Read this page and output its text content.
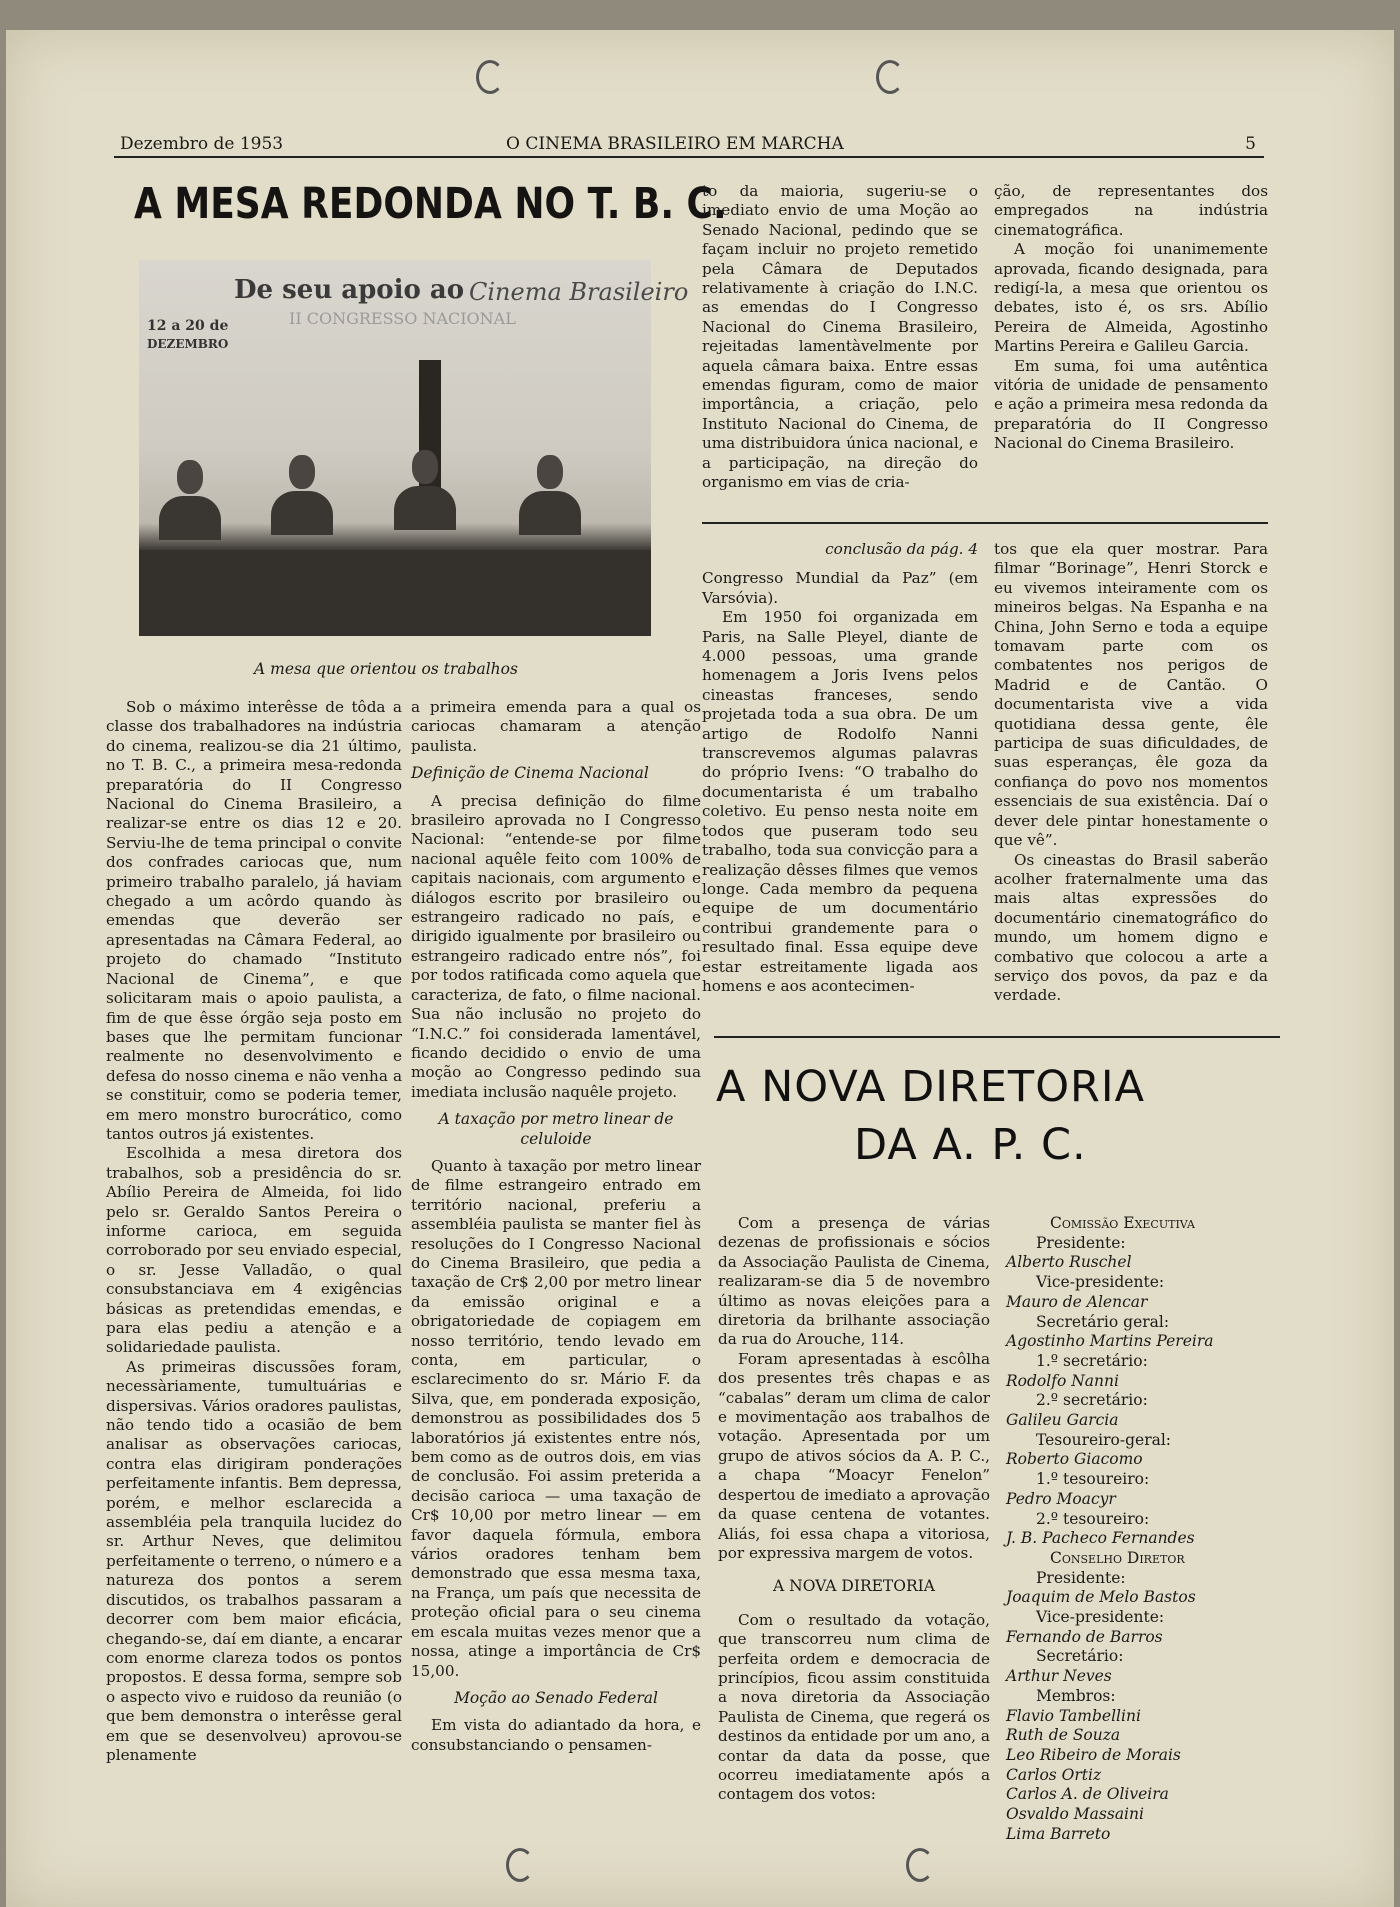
Dezembro de 1953	O CINEMA BRASILEIRO EM MARCHA	5
A MESA REDONDA NO T. B. C.
De seu apoio ao Cinema Brasileiro
II CONGRESSO NACIONAL
12 a 20 de
DEZEMBRO
A mesa que orientou os trabalhos

Sob o máximo interêsse de tôda a classe dos trabalhadores na indústria do cinema, realizou-se dia 21 último, no T. B. C., a primeira mesa-redonda preparatória do II Congresso Nacional do Cinema Brasileiro, a realizar-se entre os dias 12 e 20. Serviu-lhe de tema principal o convite dos confrades cariocas que, num primeiro trabalho paralelo, já haviam chegado a um acôrdo quando às emendas que deverão ser apresentadas na Câmara Federal, ao projeto do chamado “Instituto Nacional de Cinema”, e que solicitaram mais o apoio paulista, a fim de que êsse órgão seja posto em bases que lhe permitam funcionar realmente no desenvolvimento e defesa do nosso cinema e não venha a se constituir, como se poderia temer, em mero monstro burocrático, como tantos outros já existentes.

Escolhida a mesa diretora dos trabalhos, sob a presidência do sr. Abílio Pereira de Almeida, foi lido pelo sr. Geraldo Santos Pereira o informe carioca, em seguida corroborado por seu enviado especial, o sr. Jesse Valladão, o qual consubstanciava em 4 exigências básicas as pretendidas emendas, e para elas pediu a atenção e a solidariedade paulista.

As primeiras discussões foram, necessàriamente, tumultuárias e dispersivas. Vários oradores paulistas, não tendo tido a ocasião de bem analisar as observações cariocas, contra elas dirigiram ponderações perfeitamente infantis. Bem depressa, porém, e melhor esclarecida a assembléia pela tranquila lucidez do sr. Arthur Neves, que delimitou perfeitamente o terreno, o número e a natureza dos pontos a serem discutidos, os trabalhos passaram a decorrer com bem maior eficácia, chegando-se, daí em diante, a encarar com enorme clareza todos os pontos propostos. E dessa forma, sempre sob o aspecto vivo e ruidoso da reunião (o que bem demonstra o interêsse geral em que se desenvolveu) aprovou-se plenamente

a primeira emenda para a qual os cariocas chamaram a atenção paulista.

Definição de Cinema Nacional

A precisa definição do filme brasileiro aprovada no I Congresso Nacional: “entende-se por filme nacional aquêle feito com 100% de capitais nacionais, com argumento e diálogos escrito por brasileiro ou estrangeiro radicado no país, e dirigido igualmente por brasileiro ou estrangeiro radicado entre nós”, foi por todos ratificada como aquela que caracteriza, de fato, o filme nacional. Sua não inclusão no projeto do “I.N.C.” foi considerada lamentável, ficando decidido o envio de uma moção ao Congresso pedindo sua imediata inclusão naquêle projeto.

A taxação por metro linear de celuloide

Quanto à taxação por metro linear de filme estrangeiro entrado em território nacional, preferiu a assembléia paulista se manter fiel às resoluções do I Congresso Nacional do Cinema Brasileiro, que pedia a taxação de Cr$ 2,00 por metro linear da emissão original e a obrigatoriedade de copiagem em nosso território, tendo levado em conta, em particular, o esclarecimento do sr. Mário F. da Silva, que, em ponderada exposição, demonstrou as possibilidades dos 5 laboratórios já existentes entre nós, bem como as de outros dois, em vias de conclusão. Foi assim preterida a decisão carioca — uma taxação de Cr$ 10,00 por metro linear — em favor daquela fórmula, embora vários oradores tenham bem demonstrado que essa mesma taxa, na França, um país que necessita de proteção oficial para o seu cinema em escala muitas vezes menor que a nossa, atinge a importância de Cr$ 15,00.

Moção ao Senado Federal

Em vista do adiantado da hora, e consubstanciando o pensamen-

to da maioria, sugeriu-se o imediato envio de uma Moção ao Senado Nacional, pedindo que se façam incluir no projeto remetido pela Câmara de Deputados relativamente à criação do I.N.C. as emendas do I Congresso Nacional do Cinema Brasileiro, rejeitadas lamentàvelmente por aquela câmara baixa. Entre essas emendas figuram, como de maior importância, a criação, pelo Instituto Nacional do Cinema, de uma distribuidora única nacional, e a participação, na direção do organismo em vias de cria-

ção, de representantes dos empregados na indústria cinematográfica.

A moção foi unanimemente aprovada, ficando designada, para redigí-la, a mesa que orientou os debates, isto é, os srs. Abílio Pereira de Almeida, Agostinho Martins Pereira e Galileu Garcia.

Em suma, foi uma autêntica vitória de unidade de pensamento e ação a primeira mesa redonda da preparatória do II Congresso Nacional do Cinema Brasileiro.

conclusão da pág. 4

Congresso Mundial da Paz” (em Varsóvia).

Em 1950 foi organizada em Paris, na Salle Pleyel, diante de 4.000 pessoas, uma grande homenagem a Joris Ivens pelos cineastas franceses, sendo projetada toda a sua obra. De um artigo de Rodolfo Nanni transcrevemos algumas palavras do próprio Ivens: “O trabalho do documentarista é um trabalho coletivo. Eu penso nesta noite em todos que puseram todo seu trabalho, toda sua convicção para a realização dêsses filmes que vemos longe. Cada membro da pequena equipe de um documentário contribui grandemente para o resultado final. Essa equipe deve estar estreitamente ligada aos homens e aos acontecimen-

tos que ela quer mostrar. Para filmar “Borinage”, Henri Storck e eu vivemos inteiramente com os mineiros belgas. Na Espanha e na China, John Serno e toda a equipe tomavam parte com os combatentes nos perigos de Madrid e de Cantão. O documentarista vive a vida quotidiana dessa gente, êle participa de suas dificuldades, de suas esperanças, êle goza da confiança do povo nos momentos essenciais de sua existência. Daí o dever dele pintar honestamente o que vê”.

Os cineastas do Brasil saberão acolher fraternalmente uma das mais altas expressões do documentário cinematográfico do mundo, um homem digno e combativo que colocou a arte a serviço dos povos, da paz e da verdade.

A NOVA DIRETORIA
DA A. P. C.

Com a presença de várias dezenas de profissionais e sócios da Associação Paulista de Cinema, realizaram-se dia 5 de novembro último as novas eleições para a diretoria da brilhante associação da rua do Arouche, 114.

Foram apresentadas à escôlha dos presentes três chapas e as “cabalas” deram um clima de calor e movimentação aos trabalhos de votação. Apresentada por um grupo de ativos sócios da A. P. C., a chapa “Moacyr Fenelon” despertou de imediato a aprovação da quase centena de votantes. Aliás, foi essa chapa a vitoriosa, por expressiva margem de votos.

A NOVA DIRETORIA

Com o resultado da votação, que transcorreu num clima de perfeita ordem e democracia de princípios, ficou assim constituida a nova diretoria da Associação Paulista de Cinema, que regerá os destinos da entidade por um ano, a contar da data da posse, que ocorreu imediatamente após a contagem dos votos:

Comissão Executiva
Presidente:
Alberto Ruschel
Vice-presidente:
Mauro de Alencar
Secretário geral:
Agostinho Martins Pereira
1.º secretário:
Rodolfo Nanni
2.º secretário:
Galileu Garcia
Tesoureiro-geral:
Roberto Giacomo
1.º tesoureiro:
Pedro Moacyr
2.º tesoureiro:
J. B. Pacheco Fernandes
Conselho Diretor
Presidente:
Joaquim de Melo Bastos
Vice-presidente:
Fernando de Barros
Secretário:
Arthur Neves
Membros:
Flavio Tambellini
Ruth de Souza
Leo Ribeiro de Morais
Carlos Ortiz
Carlos A. de Oliveira
Osvaldo Massaini
Lima Barreto
